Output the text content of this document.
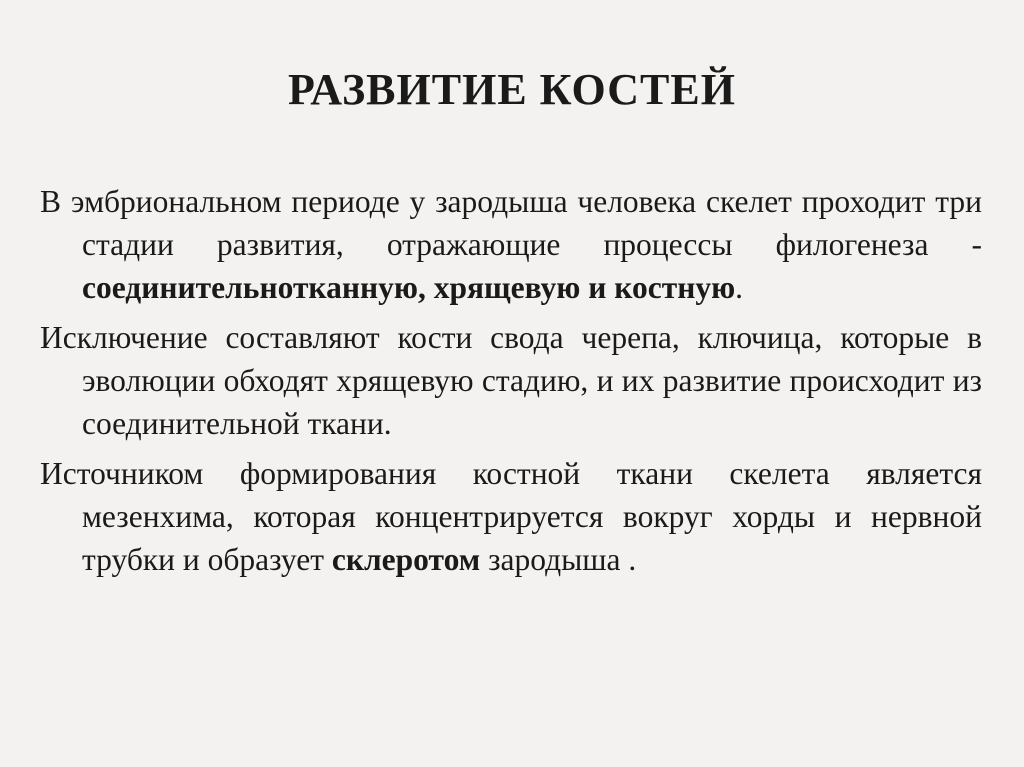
РАЗВИТИЕ КОСТЕЙ

В эмбриональном периоде у зародыша человека скелет проходит три стадии развития, отражающие процессы филогенеза - соединительнотканную, хрящевую и костную.

Исключение составляют кости свода черепа, ключица, которые в эволюции обходят хрящевую стадию, и их развитие происходит из соединительной ткани.

Источником формирования костной ткани скелета является мезенхима, которая концентрируется вокруг хорды и нервной трубки и образует склеротом зародыша .
